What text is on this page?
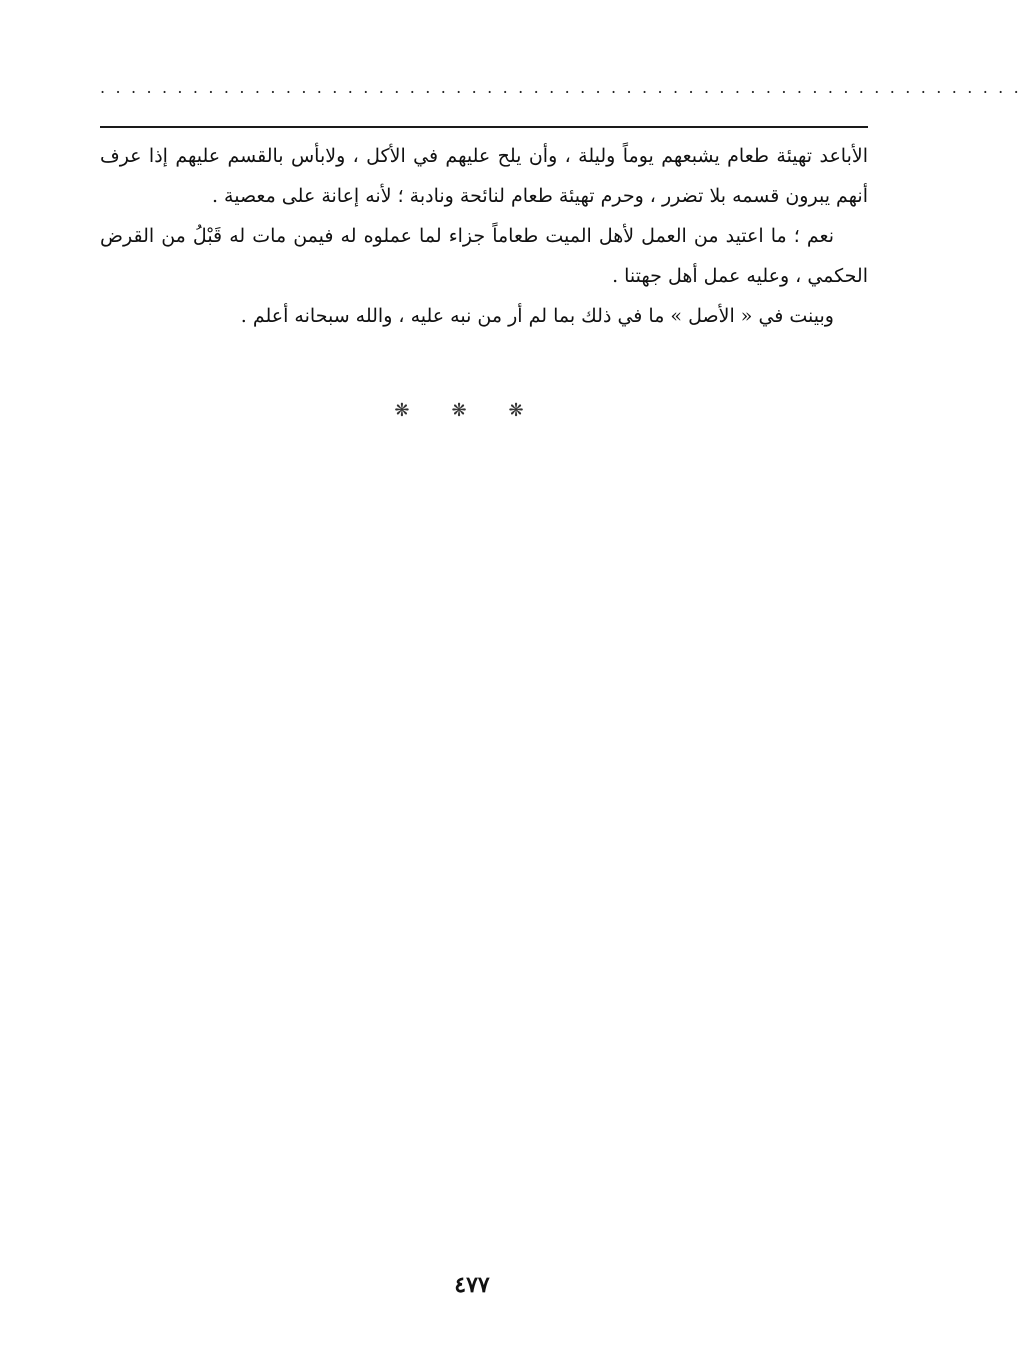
............................................................

الأباعد تهيئة طعام يشبعهم يوماً وليلة ، وأن يلح عليهم في الأكل ، ولابأس بالقسم عليهم إذا عرف أنهم يبرون قسمه بلا تضرر ، وحرم تهيئة طعام لنائحة ونادبة ؛ لأنه إعانة على معصية .

نعم ؛ ما اعتيد من العمل لأهل الميت طعاماً جزاء لما عملوه له فيمن مات له قَبْلُ من القرض الحكمي ، وعليه عمل أهل جهتنا .

وبينت في « الأصل » ما في ذلك بما لم أر من نبه عليه ، والله سبحانه أعلم .

❋ ❋ ❋
٤٧٧
